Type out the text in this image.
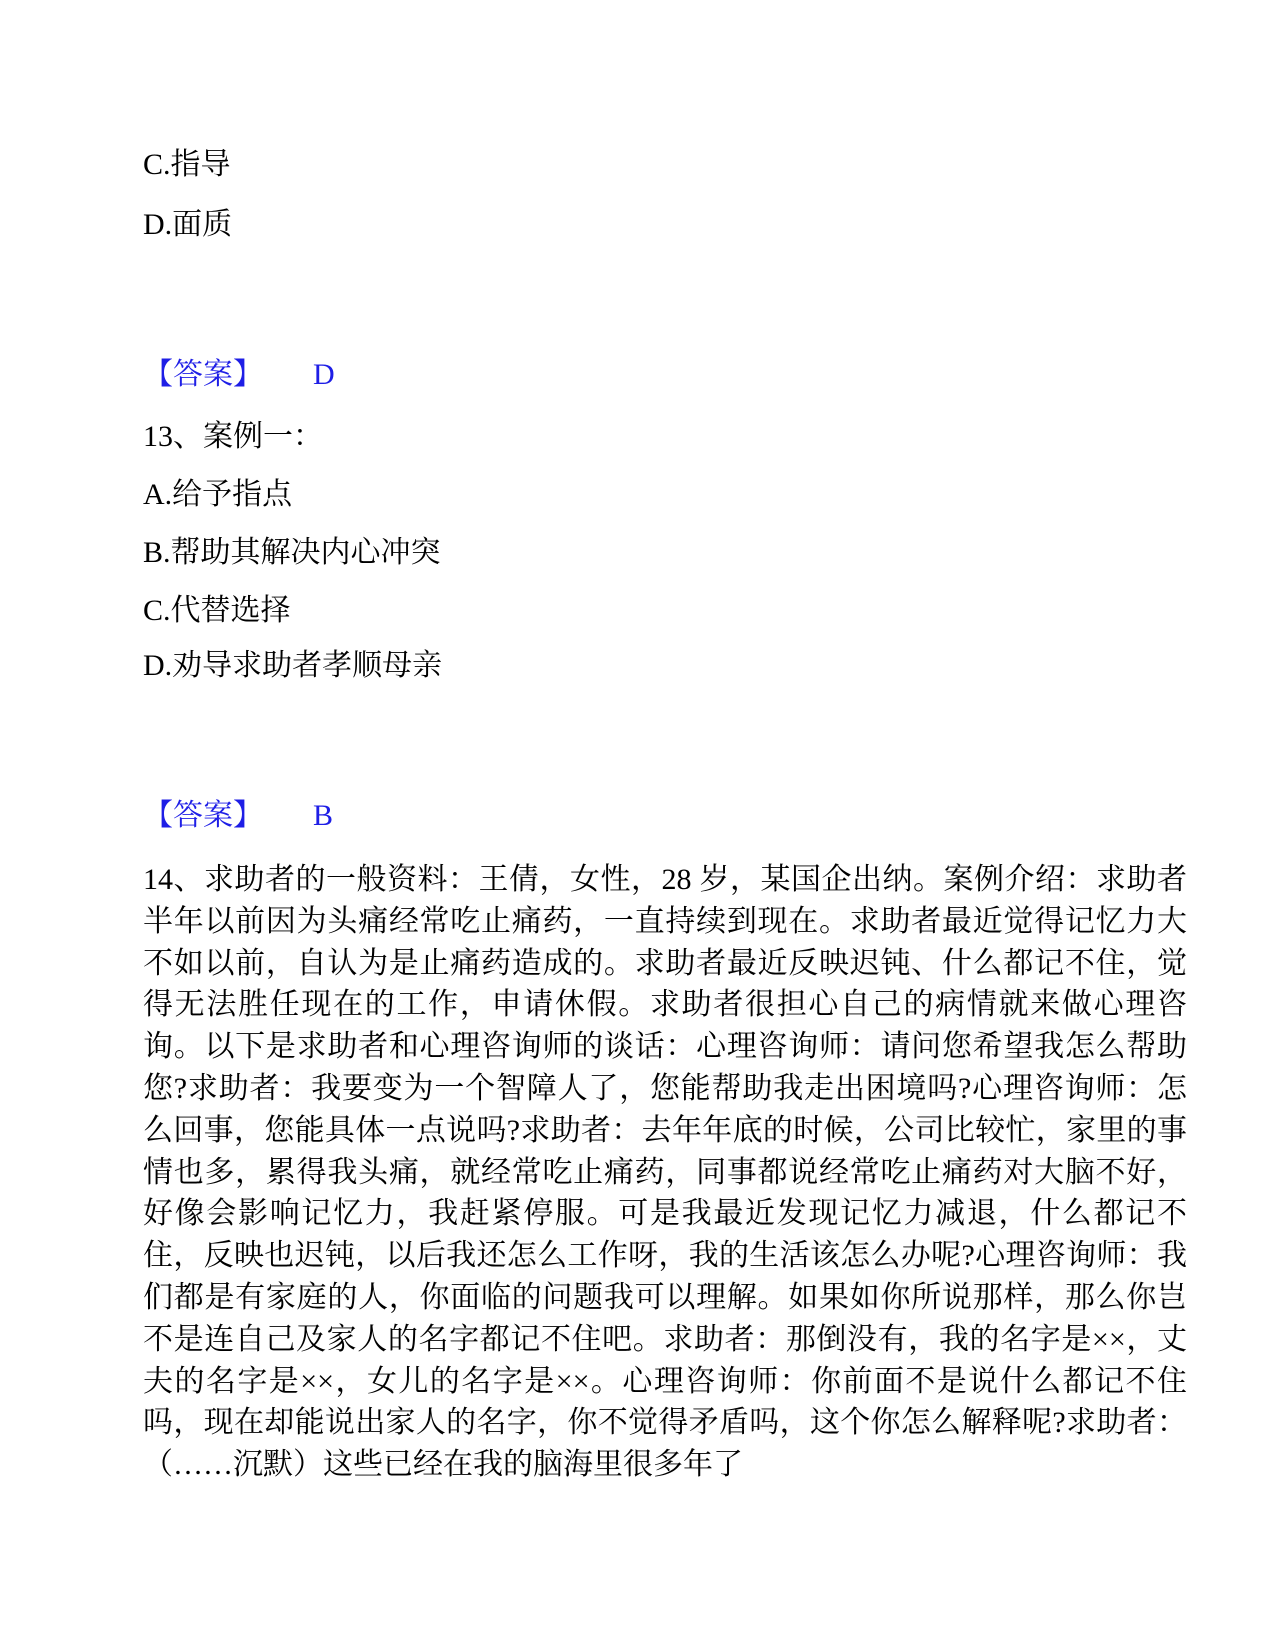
C.指导
D.面质
【答案】 D
13、案例一：
A.给予指点
B.帮助其解决内心冲突
C.代替选择
D.劝导求助者孝顺母亲
【答案】 B
14、求助者的一般资料：王倩，女性，28 岁，某国企出纳。案例介绍：求助者半年以前因为头痛经常吃止痛药，一直持续到现在。求助者最近觉得记忆力大不如以前，自认为是止痛药造成的。求助者最近反映迟钝、什么都记不住，觉得无法胜任现在的工作，申请休假。求助者很担心自己的病情就来做心理咨询。以下是求助者和心理咨询师的谈话：心理咨询师：请问您希望我怎么帮助您?求助者：我要变为一个智障人了，您能帮助我走出困境吗?心理咨询师：怎么回事，您能具体一点说吗?求助者：去年年底的时候，公司比较忙，家里的事情也多，累得我头痛，就经常吃止痛药，同事都说经常吃止痛药对大脑不好，好像会影响记忆力，我赶紧停服。可是我最近发现记忆力减退，什么都记不住，反映也迟钝，以后我还怎么工作呀，我的生活该怎么办呢?心理咨询师：我们都是有家庭的人，你面临的问题我可以理解。如果如你所说那样，那么你岂不是连自己及家人的名字都记不住吧。求助者：那倒没有，我的名字是××，丈夫的名字是××，女儿的名字是××。心理咨询师：你前面不是说什么都记不住吗，现在却能说出家人的名字，你不觉得矛盾吗，这个你怎么解释呢?求助者：（……沉默）这些已经在我的脑海里很多年了
